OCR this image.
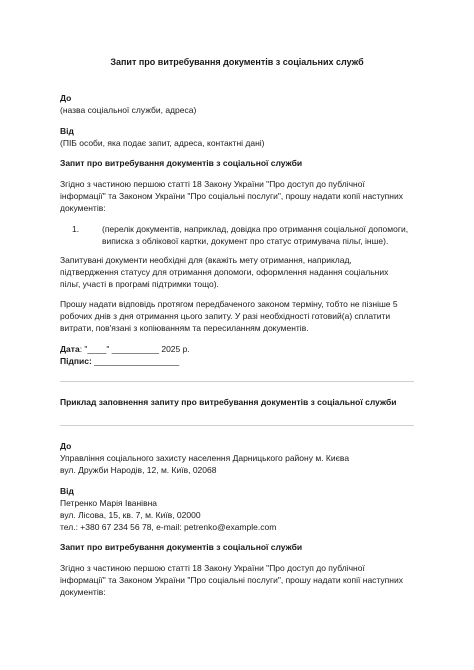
Запит про витребування документів з соціальних служб
До
(назва соціальної служби, адреса)
Від
(ПІБ особи, яка подає запит, адреса, контактні дані)
Запит про витребування документів з соціальної служби
Згідно з частиною першою статті 18 Закону України "Про доступ до публічної
інформації" та Законом України "Про соціальні послуги", прошу надати копії наступних
документів:
1.	(перелік документів, наприклад, довідка про отримання соціальної допомоги,
виписка з облікової картки, документ про статус отримувача пільг, інше).
Запитувані документи необхідні для (вкажіть мету отримання, наприклад,
підтвердження статусу для отримання допомоги, оформлення надання соціальних
пільг, участі в програмі підтримки тощо).
Прошу надати відповідь протягом передбаченого законом терміну, тобто не пізніше 5
робочих днів з дня отримання цього запиту. У разі необхідності готовий(а) сплатити
витрати, пов'язані з копіюванням та пересиланням документів.
Дата: "____" __________ 2025 р.
Підпис: __________________
Приклад заповнення запиту про витребування документів з соціальної служби
До
Управління соціального захисту населення Дарницького району м. Києва
вул. Дружби Народів, 12, м. Київ, 02068
Від
Петренко Марія Іванівна
вул. Лісова, 15, кв. 7, м. Київ, 02000
тел.: +380 67 234 56 78, e-mail: petrenko@example.com
Запит про витребування документів з соціальної служби
Згідно з частиною першою статті 18 Закону України "Про доступ до публічної
інформації" та Законом України "Про соціальні послуги", прошу надати копії наступних
документів:
